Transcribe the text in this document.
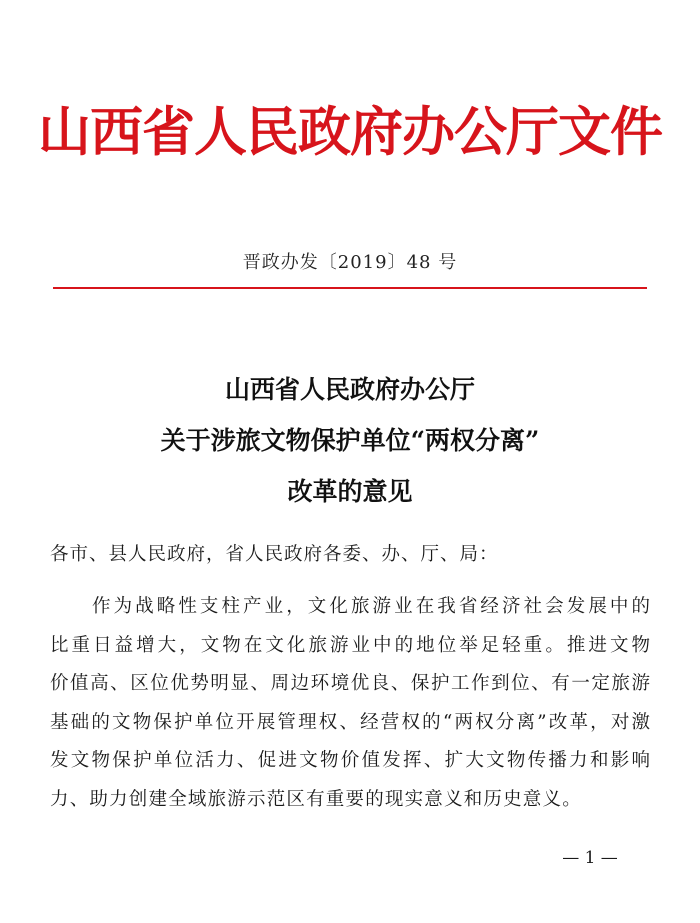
山西省人民政府办公厅文件
晋政办发〔2019〕48 号
山西省人民政府办公厅
关于涉旅文物保护单位“两权分离”
改革的意见
各市、县人民政府，省人民政府各委、办、厅、局：
作为战略性支柱产业，文化旅游业在我省经济社会发展中的
比重日益增大，文物在文化旅游业中的地位举足轻重。推进文物
价值高、区位优势明显、周边环境优良、保护工作到位、有一定旅游
基础的文物保护单位开展管理权、经营权的“两权分离”改革，对激
发文物保护单位活力、促进文物价值发挥、扩大文物传播力和影响
力、助力创建全域旅游示范区有重要的现实意义和历史意义。
— 1 —
